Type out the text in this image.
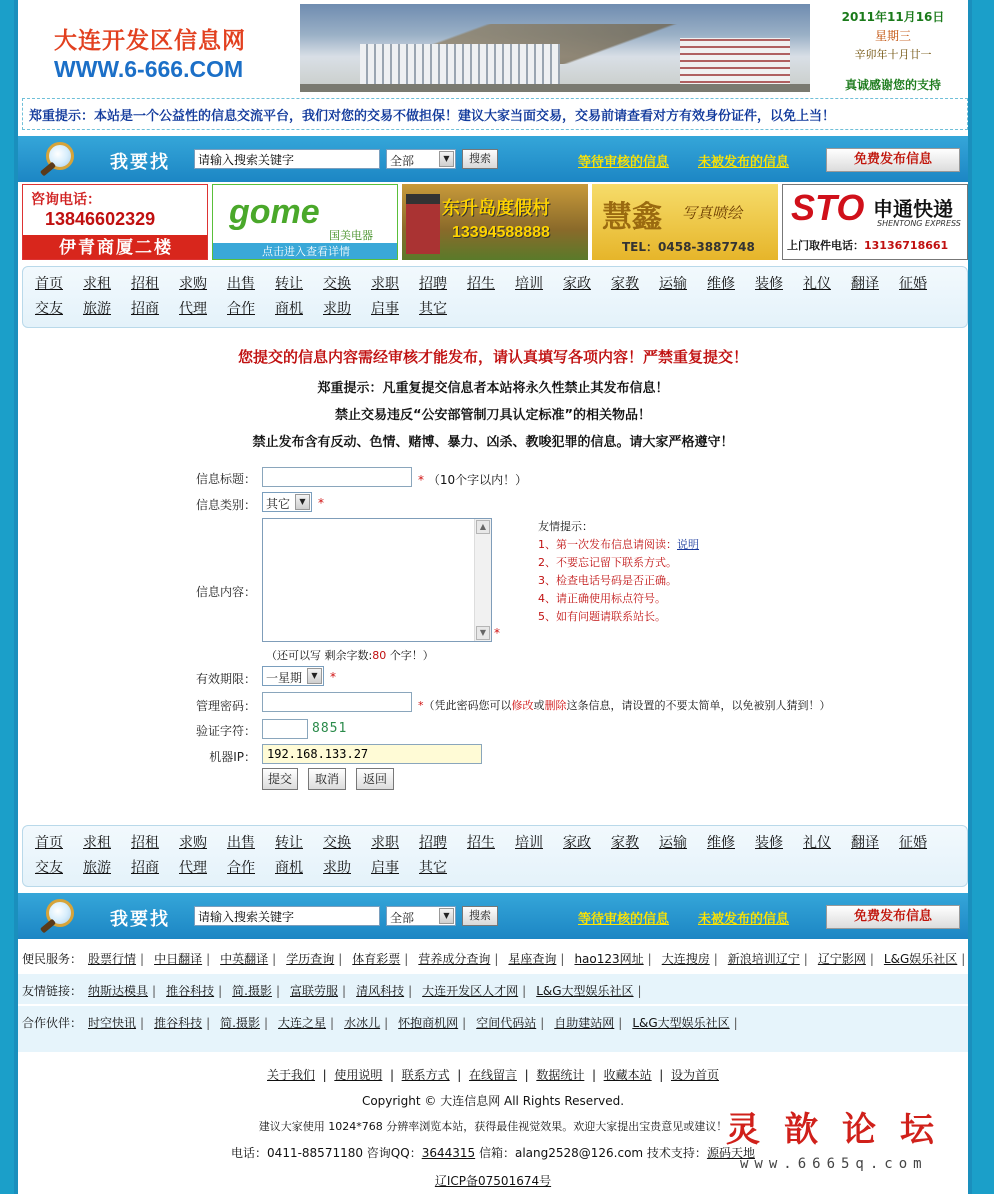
大连开发区信息网
WWW.6-666.COM
2011年11月16日
星期三
辛卯年十月廿一
真诚感谢您的支持
郑重提示：本站是一个公益性的信息交流平台，我们对您的交易不做担保！建议大家当面交易，交易前请查看对方有效身份证件，以免上当！
我要找
请输入搜索关键字	全部	▼	搜索	等待审核的信息 未被发布的信息	免费发布信息
咨询电话：
13846602329
伊青商厦二楼
gome
国美电器
点击进入查看详情
东升岛度假村
13394588888 慧鑫 写真喷绘
TEL：0458-3887748
STO 申通快递
SHENTONG EXPRESS
上门取件电话：13136718661
首页 求租 招租 求购 出售 转让 交换 求职 招聘 招生 培训 家政 家教 运输 维修 装修 礼仪 翻译 征婚
交友 旅游 招商 代理 合作 商机 求助 启事 其它
您提交的信息内容需经审核才能发布，请认真填写各项内容！严禁重复提交！
郑重提示：凡重复提交信息者本站将永久性禁止其发布信息！
禁止交易违反“公安部管制刀具认定标准”的相关物品！
禁止发布含有反动、色情、赌博、暴力、凶杀、教唆犯罪的信息。请大家严格遵守！
信息标题：	* （10个字以内！）
信息类别： 其它	▼	*
信息内容：
▲
▼ *
（还可以写 剩余字数:80 个字！）
友情提示：
1、第一次发布信息请阅读：说明
2、不要忘记留下联系方式。
3、检查电话号码是否正确。
4、请正确使用标点符号。
5、如有问题请联系站长。
有效期限： 一星期	▼	*
管理密码：	*（凭此密码您可以修改或删除这条信息，请设置的不要太简单，以免被别人猜到！）
验证字符：	8851
机器IP：
192.168.133.27
提交	取消	返回
首页 求租 招租 求购 出售 转让 交换 求职 招聘 招生 培训 家政 家教 运输 维修 装修 礼仪 翻译 征婚
交友 旅游 招商 代理 合作 商机 求助 启事 其它
我要找
请输入搜索关键字	全部	▼	搜索	等待审核的信息 未被发布的信息	免费发布信息
便民服务： 股票行情 | 中日翻译 | 中英翻译 | 学历查询 | 体育彩票 | 营养成分查询 | 星座查询 | hao123网址 | 大连搜房 | 新浪培训辽宁 | 辽宁影网 | L&G娱乐社区 |
友情链接： 纳斯达模具 | 推谷科技 | 简.摄影 | 富联劳服 | 清风科技 | 大连开发区人才网 | L&G大型娱乐社区 |
合作伙伴： 时空快讯 | 推谷科技 | 简.摄影 | 大连之星 | 水冰儿 | 怀抱商机网 | 空间代码站 | 自助建站网 | L&G大型娱乐社区 |
关于我们  |  使用说明  |  联系方式  |  在线留言  |  数据统计  |  收藏本站  |  设为首页
Copyright © 大连信息网 All Rights Reserved.
建议大家使用 1024*768 分辨率浏览本站，获得最佳视觉效果。欢迎大家提出宝贵意见或建议！
电话：0411-88571180 咨询QQ：3644315 信箱：alang2528@126.com 技术支持：源码天地
辽ICP备07501674号
灵歆论坛
www.6665q.com
